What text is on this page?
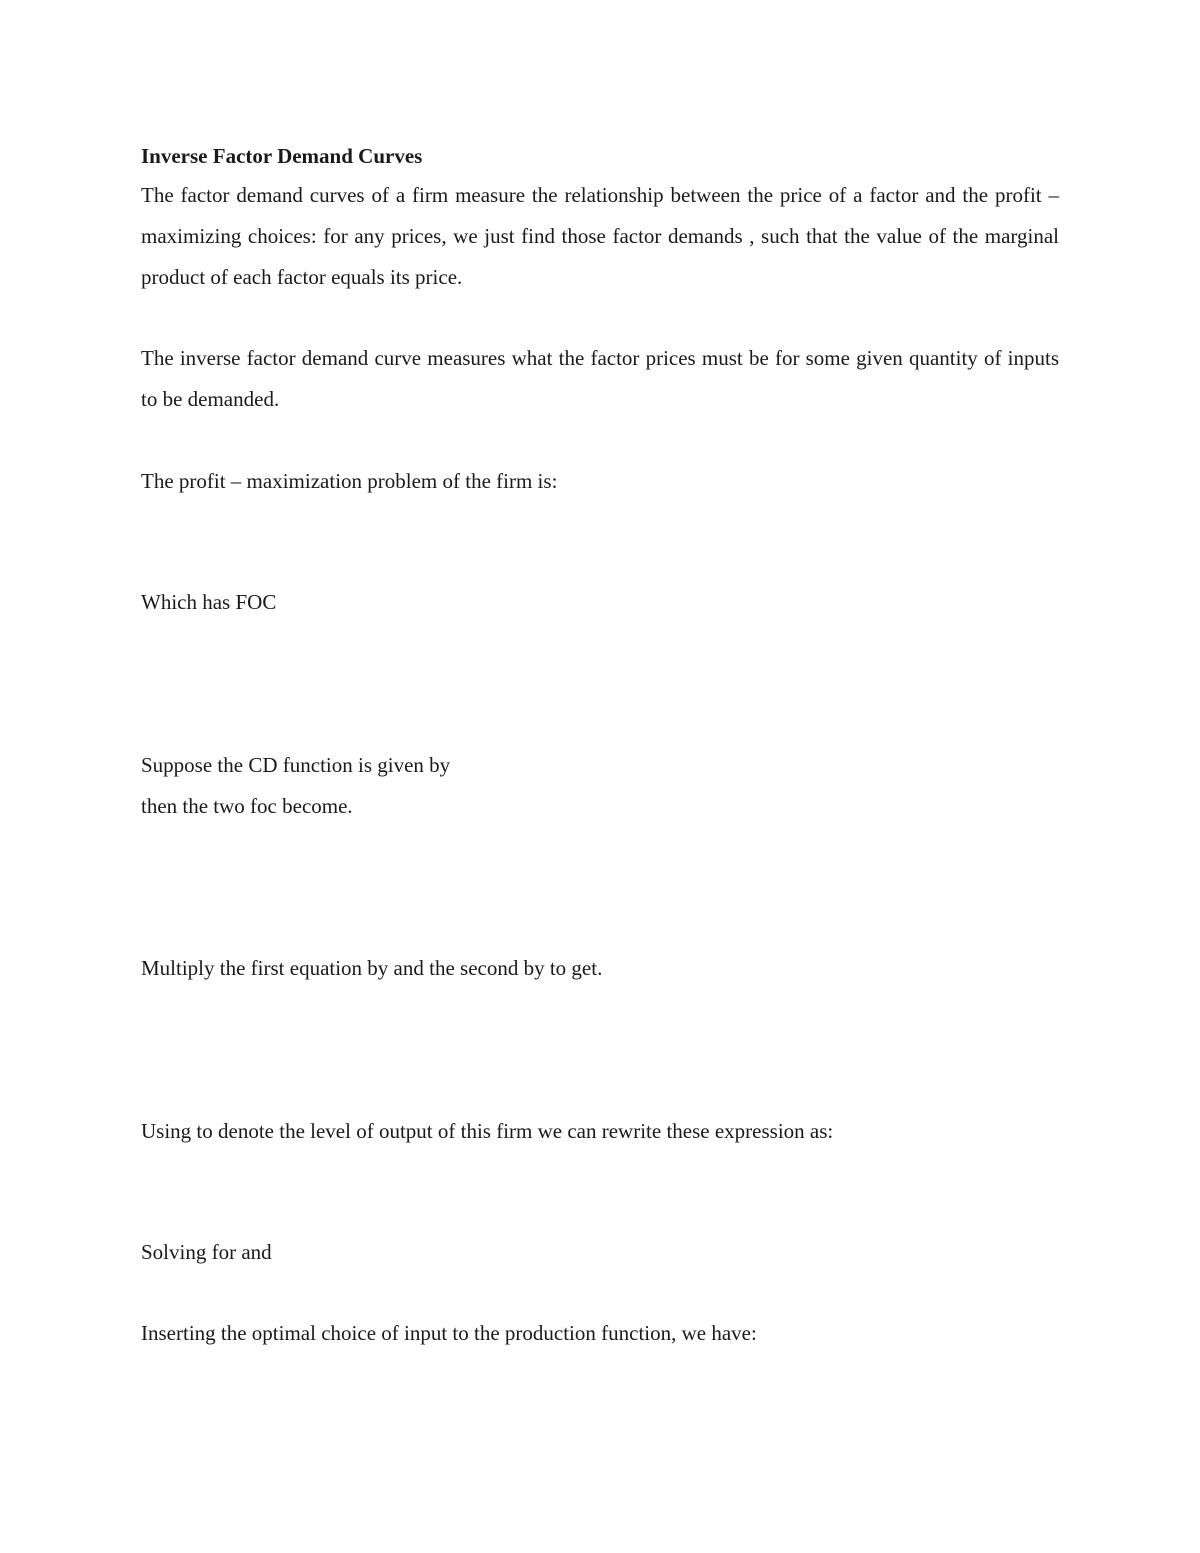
Inverse Factor Demand Curves
The factor demand curves of a firm measure the relationship between the price of a factor and the profit – maximizing choices: for any prices, we just find those factor demands , such that the value of the marginal product of each factor equals its price.
The inverse factor demand curve measures what the factor prices must be for some given quantity of inputs to be demanded.
The profit – maximization problem of the firm is:
Which has FOC
Suppose the CD function is given by
then the two foc become.
Multiply the first equation by and the second by to get.
Using to denote the level of output of this firm we can rewrite these expression as:
Solving for and
Inserting the optimal choice of input to the production function, we have:
